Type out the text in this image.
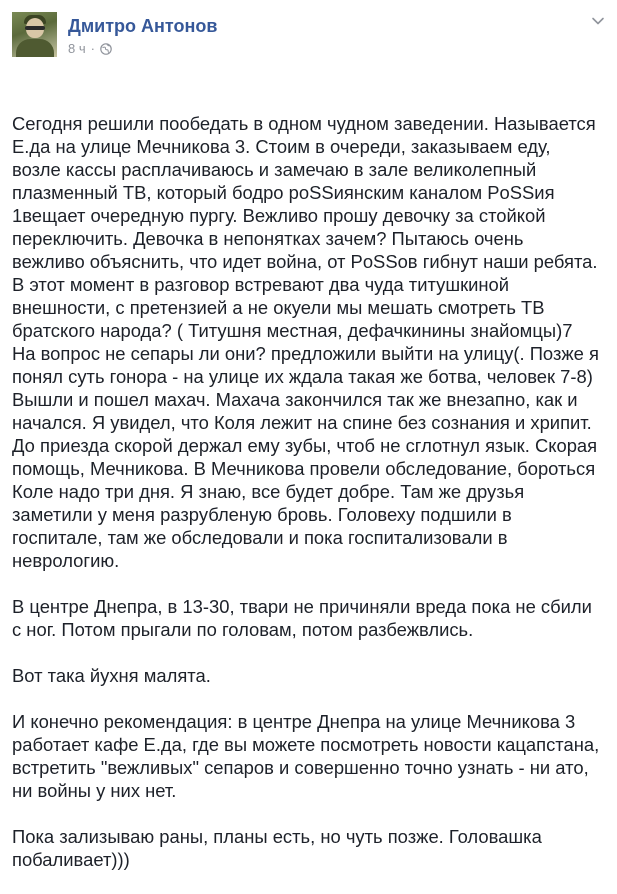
Дмитро Антонов
8 ч ·

Сегодня решили пообедать в одном чудном заведении. Называется Е.да на улице Мечникова 3. Стоим в очереди, заказываем еду, возле кассы расплачиваюсь и замечаю в зале великолепный плазменный ТВ, который бодро poSSиянским каналом PoSSия 1вещает очередную пургу. Вежливо прошу девочку за стойкой переключить. Девочка в непонятках зачем? Пытаюсь очень вежливо объяснить, что идет война, от PoSSов гибнут наши ребята. В этот момент в разговор встревают два чуда титушкиной внешности, с претензией а не окуели мы мешать смотреть ТВ братского народа? ( Титушня местная, дефачкинины знайомцы)7 На вопрос не сепары ли они? предложили выйти на улицу(. Позже я понял суть гонора - на улице их ждала такая же ботва, человек 7-8) Вышли и пошел махач. Махача закончился так же внезапно, как и начался. Я увидел, что Коля лежит на спине без сознания и хрипит. До приезда скорой держал ему зубы, чтоб не сглотнул язык. Скорая помощь, Мечникова. В Мечникова провели обследование, бороться Коле надо три дня. Я знаю, все будет добре. Там же друзья заметили у меня разрубленую бровь. Головеху подшили в госпитале, там же обследовали и пока госпитализовали в неврологию.

В центре Днепра, в 13-30, твари не причиняли вреда пока не сбили с ног. Потом прыгали по головам, потом разбежвлись.

Вот така йухня малята.

И конечно рекомендация: в центре Днепра на улице Мечникова 3 работает кафе Е.да, где вы можете посмотреть новости кацапстана, встретить "вежливых" сепаров и совершенно точно узнать - ни ато, ни войны у них нет.

Пока зализываю раны, планы есть, но чуть позже. Головашка побаливает)))
